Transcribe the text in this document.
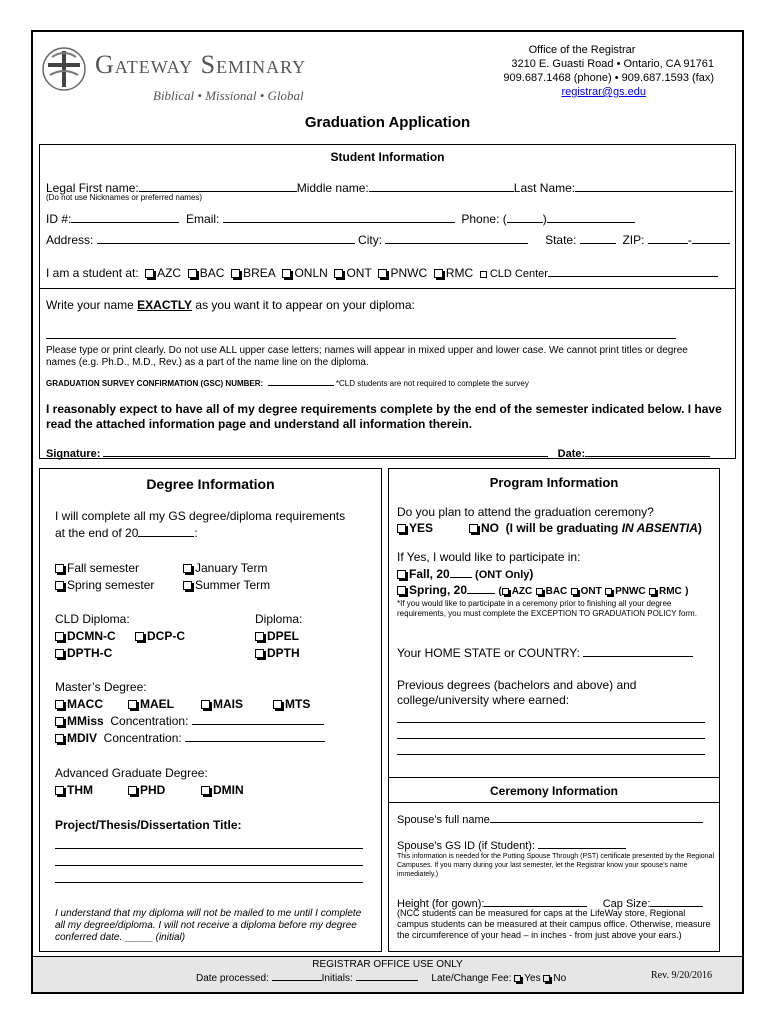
Gateway Seminary
Biblical • Missional • Global
Office of the Registrar
3210 E. Guasti Road • Ontario, CA 91761
909.687.1468 (phone) • 909.687.1593 (fax)
registrar@gs.edu
Graduation Application
Student Information
Legal First name:	Middle name:	Last Name:
(Do not use Nicknames or preferred names)
ID #:	Email:	Phone: (	)
Address:	City:	State:	ZIP:	-
I am a student at: AZC BAC BREA ONLN ONT PNWC RMC CLD Center
Write your name EXACTLY as you want it to appear on your diploma:
Please type or print clearly. Do not use ALL upper case letters; names will appear in mixed upper and lower case. We cannot print titles or degree names (e.g. Ph.D., M.D., Rev.) as a part of the name line on the diploma.
GRADUATION SURVEY CONFIRMATION (GSC) NUMBER:	*CLD students are not required to complete the survey
I reasonably expect to have all of my degree requirements complete by the end of the semester indicated below. I have read the attached information page and understand all information therein.
Signature:	Date:
Degree Information
I will complete all my GS degree/diploma requirements
at the end of 20	:
Fall semester	January Term
Spring semester	Summer Term
CLD Diploma:	Diploma:
DCMN-C	DCP-C	DPEL
DPTH-C	DPTH
Master’s Degree:
MACC	MAEL	MAIS	MTS
MMiss Concentration:
MDIV Concentration:
Advanced Graduate Degree:
THM	PHD	DMIN
Project/Thesis/Dissertation Title:
I understand that my diploma will not be mailed to me until I complete all my degree/diploma. I will not receive a diploma before my degree conferred date. _____ (initial)
Program Information
Do you plan to attend the graduation ceremony?
YES	NO (I will be graduating IN ABSENTIA)
If Yes, I would like to participate in:
Fall, 20 (ONT Only)
Spring, 20	( AZC BAC ONT PNWC RMC )
*If you would like to participate in a ceremony prior to finishing all your degree requirements, you must complete the EXCEPTION TO GRADUATION POLICY form.
Your HOME STATE or COUNTRY:
Previous degrees (bachelors and above) and college/university where earned:
Ceremony Information
Spouse’s full name
Spouse’s GS ID (if Student):
This information is needed for the Putting Spouse Through (PST) certificate presented by the Regional Campuses. If you marry during your last semester, let the Registrar know your spouse’s name immediately.)
Height (for gown):	Cap Size:
(NCC students can be measured for caps at the LifeWay store, Regional campus students can be measured at their campus office. Otherwise, measure the circumference of your head – in inches - from just above your ears.)
REGISTRAR OFFICE USE ONLY
Date processed:	Initials:	Late/Change Fee: Yes No	Rev. 9/20/2016
